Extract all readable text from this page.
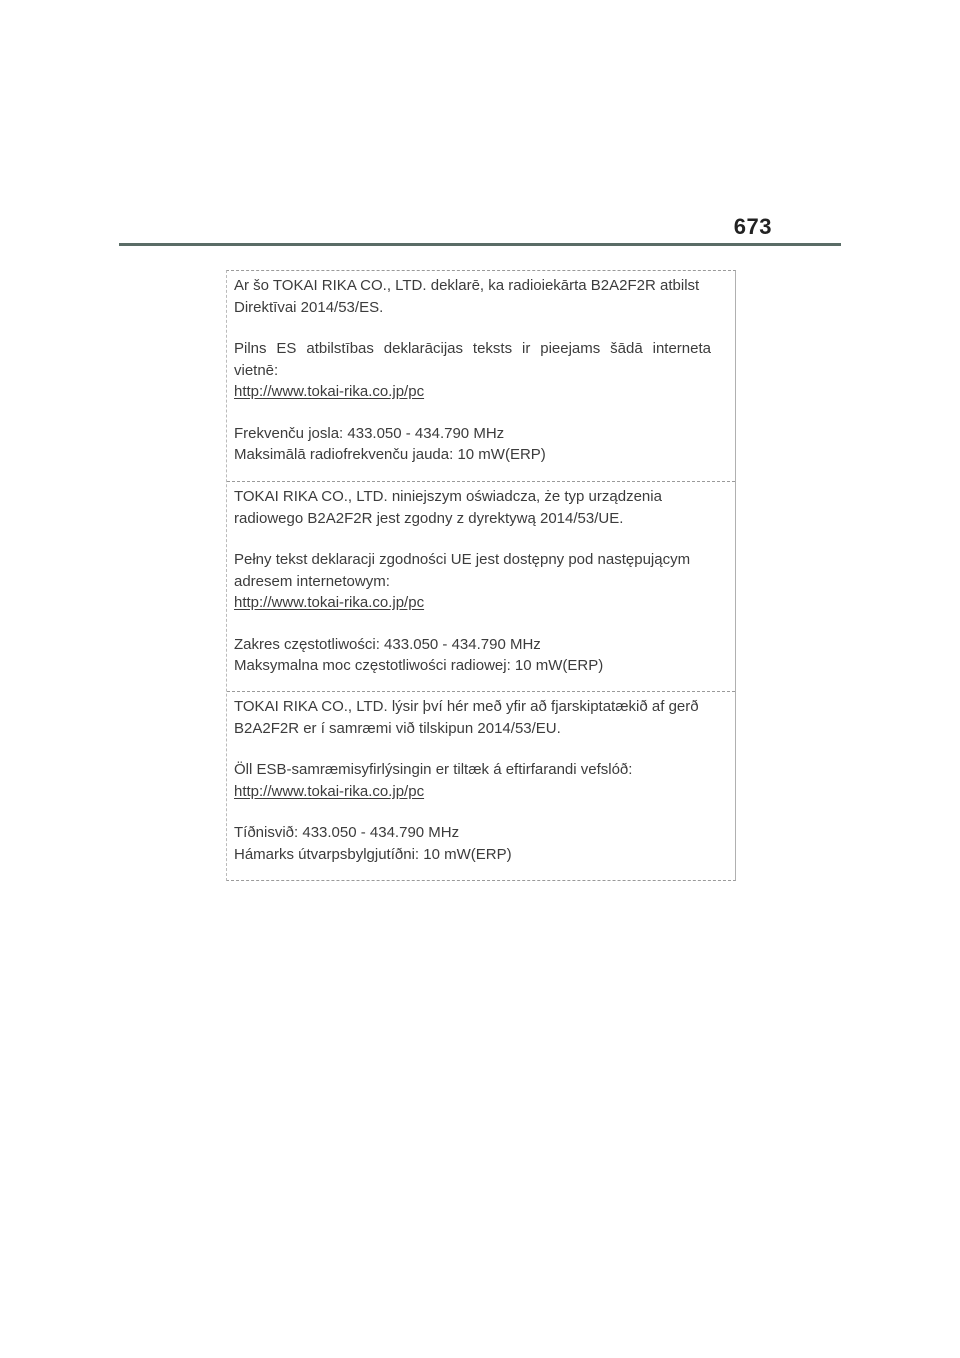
673

Ar šo TOKAI RIKA CO., LTD. deklarē, ka radioiekārta B2A2F2R atbilst Direktīvai 2014/53/ES.

Pilns ES atbilstības deklarācijas teksts ir pieejams šādā interneta vietnē:

http://www.tokai-rika.co.jp/pc

Frekvenču josla: 433.050 - 434.790 MHz

Maksimālā radiofrekvenču jauda: 10 mW(ERP)

TOKAI RIKA CO., LTD. niniejszym oświadcza, że typ urządzenia radiowego B2A2F2R jest zgodny z dyrektywą 2014/53/UE.

Pełny tekst deklaracji zgodności UE jest dostępny pod następującym adresem internetowym:

http://www.tokai-rika.co.jp/pc

Zakres częstotliwości: 433.050 - 434.790 MHz

Maksymalna moc częstotliwości radiowej: 10 mW(ERP)

TOKAI RIKA CO., LTD. lýsir því hér með yfir að fjarskiptatækið af gerð B2A2F2R er í samræmi við tilskipun 2014/53/EU.

Öll ESB-samræmisyfirlýsingin er tiltæk á eftirfarandi vefslóð:

http://www.tokai-rika.co.jp/pc

Tíðnisvið: 433.050 - 434.790 MHz

Hámarks útvarpsbylgjutíðni: 10 mW(ERP)
